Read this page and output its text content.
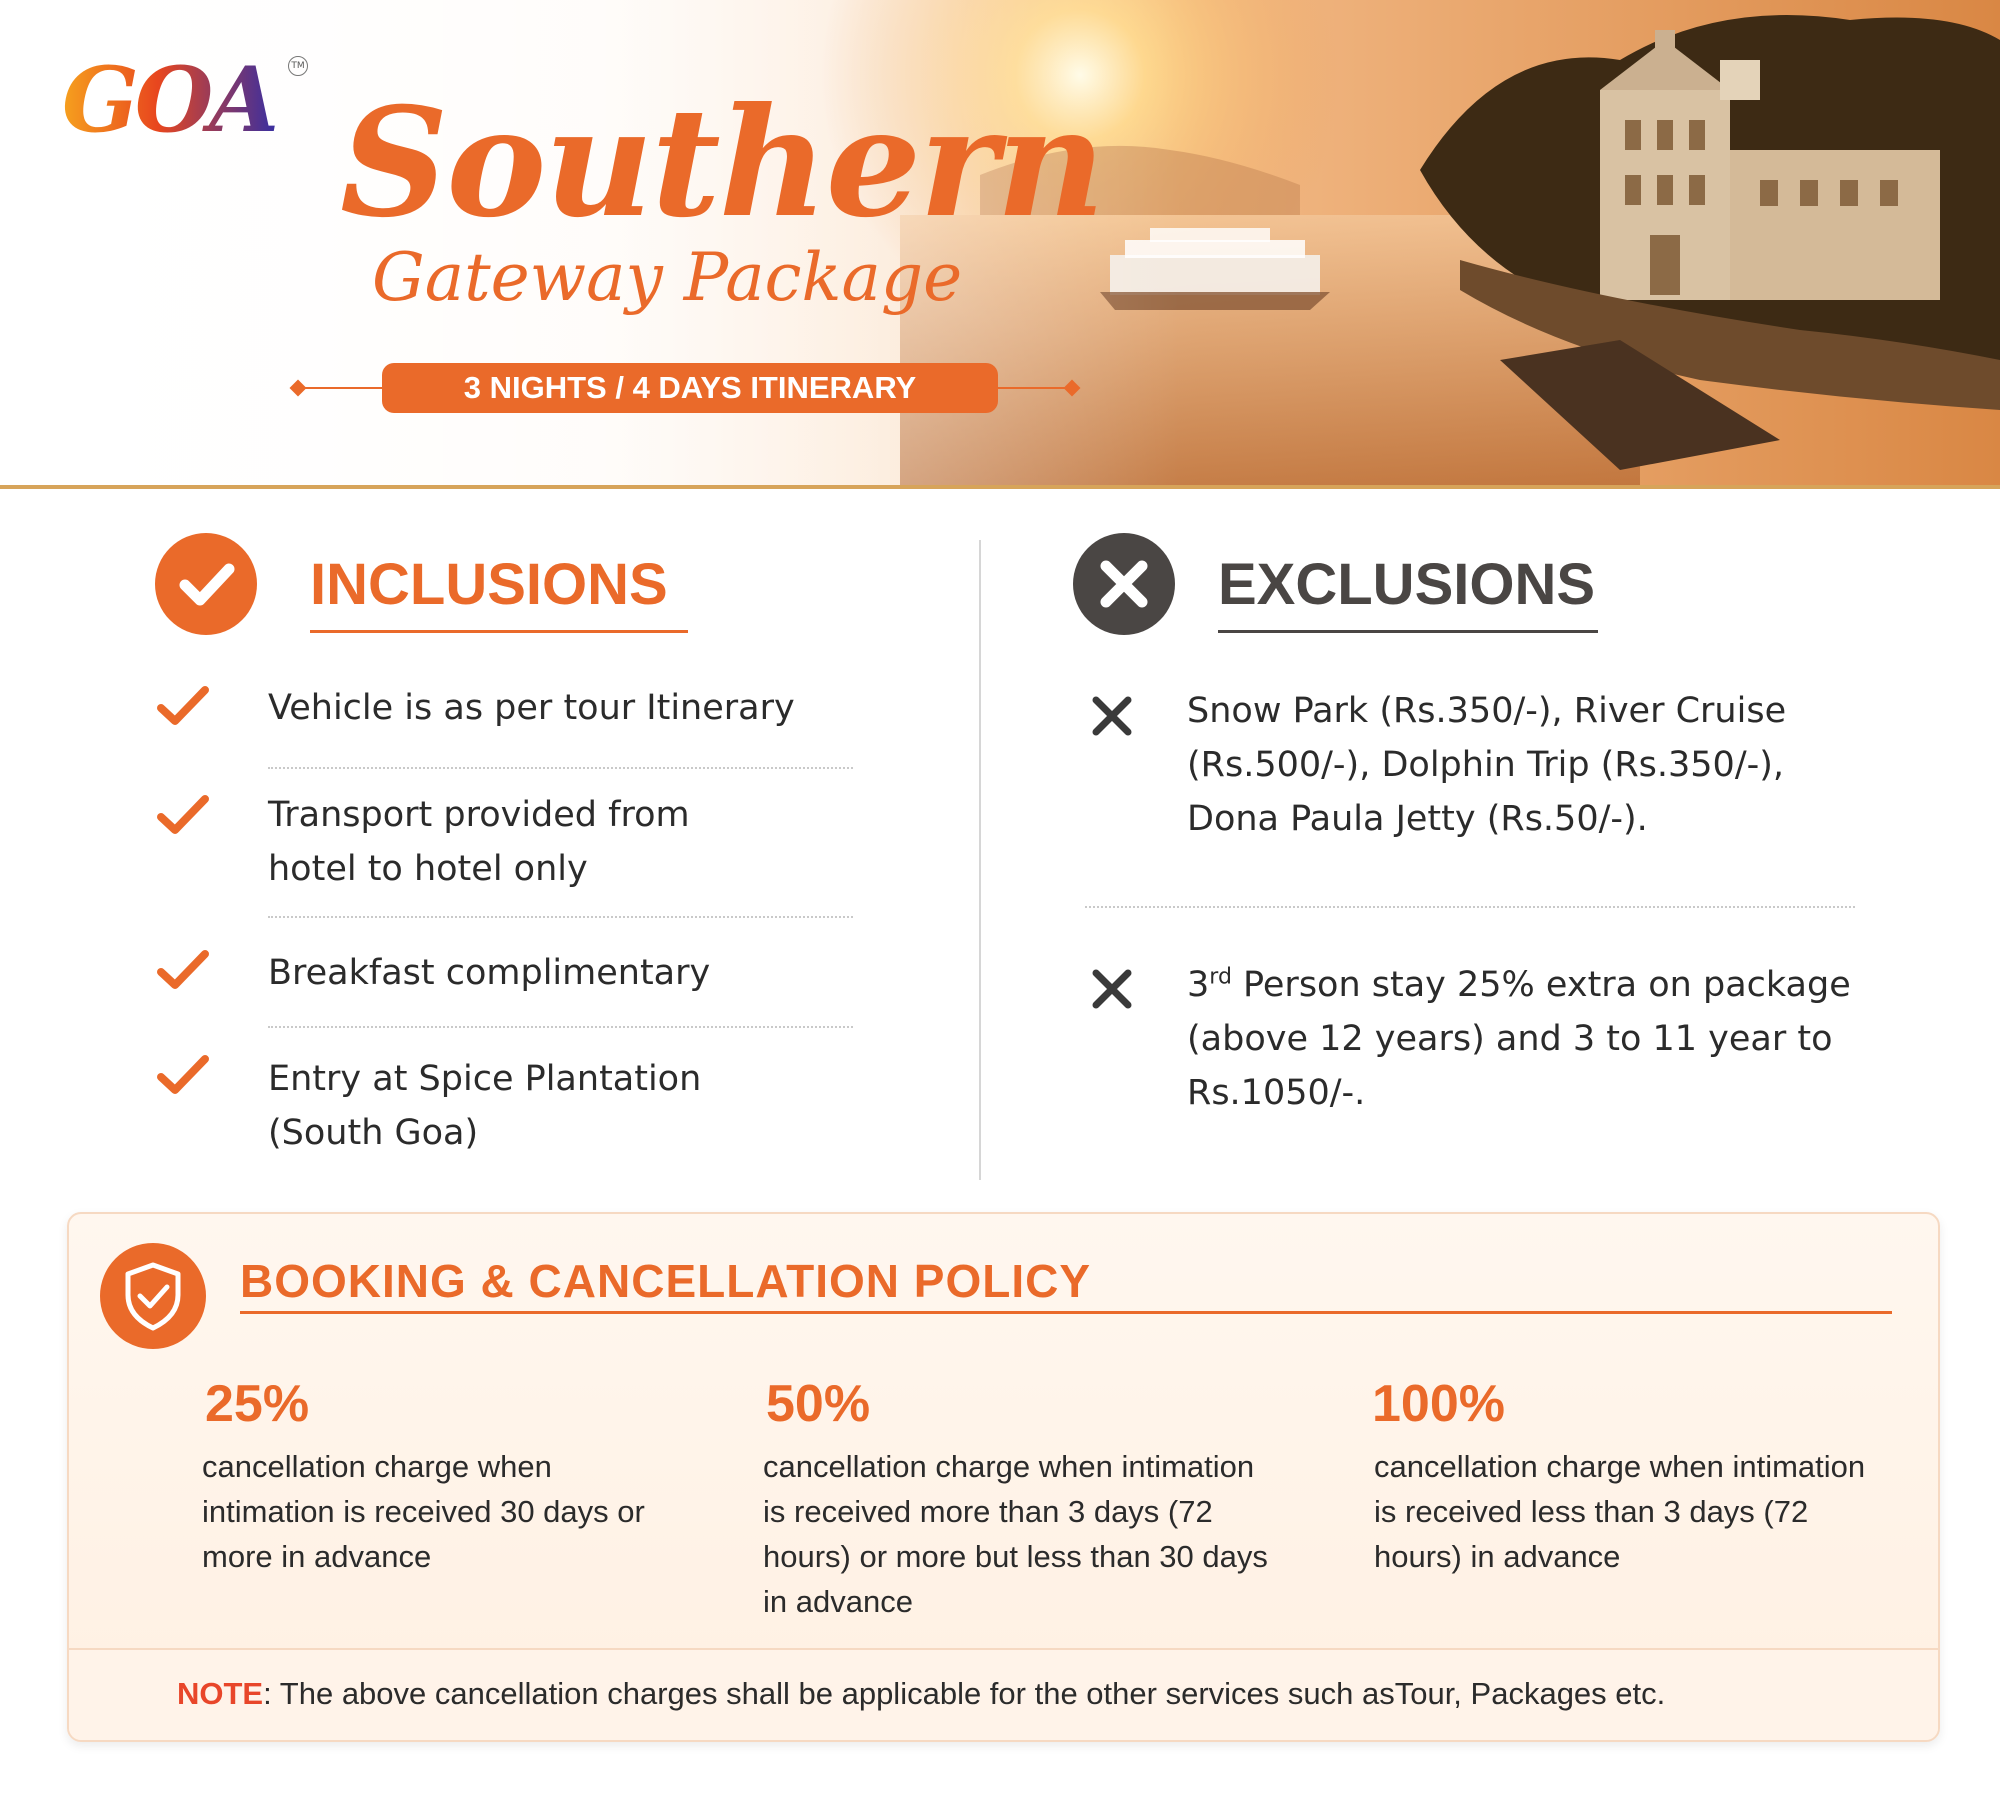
GOA	TM
Southern
Gateway Package
3 NIGHTS / 4 DAYS ITINERARY
INCLUSIONS
Vehicle is as per tour Itinerary
Transport provided from hotel to hotel only
Breakfast complimentary
Entry at Spice Plantation (South Goa)
EXCLUSIONS
Snow Park (Rs.350/-), River Cruise (Rs.500/-), Dolphin Trip (Rs.350/-), Dona Paula Jetty (Rs.50/-).
3rd Person stay 25% extra on package (above 12 years) and 3 to 11 year to Rs.1050/-.
BOOKING & CANCELLATION POLICY
25%
cancellation charge when intimation is received 30 days or more in advance
50%
cancellation charge when intimation is received more than 3 days (72 hours) or more but less than 30 days in advance
100%
cancellation charge when intimation is received less than 3 days (72 hours) in advance
NOTE: The above cancellation charges shall be applicable for the other services such asTour, Packages etc.
